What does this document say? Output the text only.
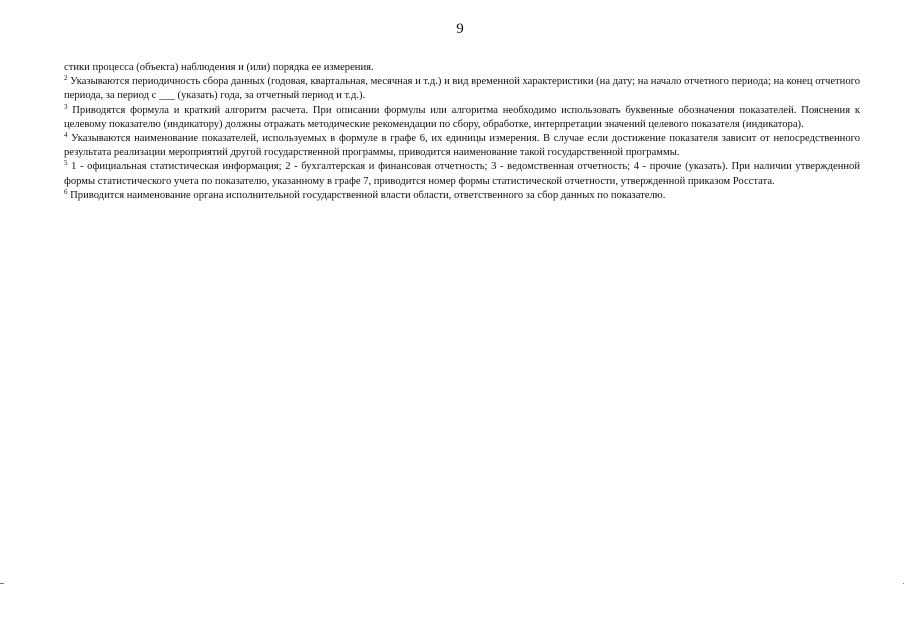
9

стики процесса (объекта) наблюдения и (или) порядка ее измерения.

$^2$ Указываются периодичность сбора данных (годовая, квартальная, месячная и т.д.) и вид временной характеристики (на дату; на начало отчетного периода; на конец отчетного периода, за период с ___ (указать) года, за отчетный период и т.д.).

$^3$ Приводятся формула и краткий алгоритм расчета. При описании формулы или алгоритма необходимо использовать буквенные обозначения показателей. Пояснения к целевому показателю (индикатору) должны отражать методические рекомендации по сбору, обработке, интерпретации значений целевого показателя (индикатора).

$^4$ Указываются наименование показателей, используемых в формуле в графе 6, их единицы измерения. В случае если достижение показателя зависит от непосредственного результата реализации мероприятий другой государственной программы, приводится наименование такой государственной программы.

$^5$ 1 - официальная статистическая информация; 2 - бухгалтерская и финансовая отчетность; 3 - ведомственная отчетность; 4 - прочие (указать). При наличии утвержденной формы статистического учета по показателю, указанному в графе 7, приводится номер формы статистической отчетности, утвержденной приказом Росстата.

$^6$ Приводится наименование органа исполнительной государственной власти области, ответственного за сбор данных по показателю.
